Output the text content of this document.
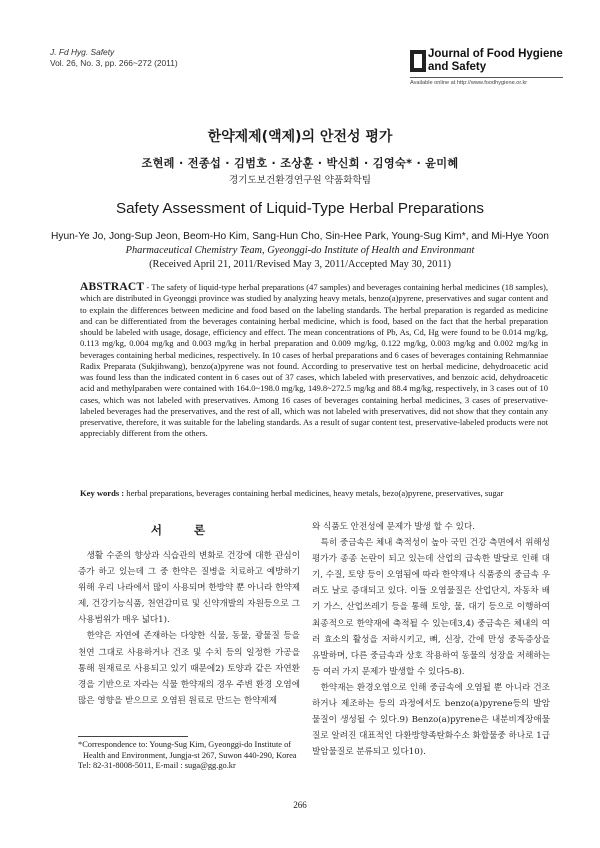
J. Fd Hyg. Safety
Vol. 26, No. 3, pp. 266~272 (2011)
Journal of Food Hygiene
and Safety
Available online at http://www.foodhygiene.or.kr
한약제제(액제)의 안전성 평가
조현례 · 전종섭 · 김범호 · 조상훈 · 박신희 · 김영숙* · 윤미혜
경기도보건환경연구원 약품화학팀
Safety Assessment of Liquid-Type Herbal Preparations
Hyun-Ye Jo, Jong-Sup Jeon, Beom-Ho Kim, Sang-Hun Cho, Sin-Hee Park, Young-Sug Kim*, and Mi-Hye Yoon
Pharmaceutical Chemistry Team, Gyeonggi-do Institute of Health and Environmant
(Received April 21, 2011/Revised May 3, 2011/Accepted May 30, 2011)
ABSTRACT - The safety of liquid-type herbal preparations (47 samples) and beverages containing herbal medicines (18 samples), which are distributed in Gyeonggi province was studied by analyzing heavy metals, benzo(a)pyrene, preservatives and sugar content and to explain the differences between medicine and food based on the labeling standards. The herbal preparation is regarded as medicine and can be differentiated from the beverages containing herbal medicine, which is food, based on the fact that the herbal preparation should be labeled with usage, dosage, efficiency and effect. The mean concentrations of Pb, As, Cd, Hg were found to be 0.014 mg/kg, 0.113 mg/kg, 0.004 mg/kg and 0.003 mg/kg in herbal preparation and 0.009 mg/kg, 0.122 mg/kg, 0.003 mg/kg and 0.002 mg/kg in beverages containing herbal medicines, respectively. In 10 cases of herbal preparations and 6 cases of beverages containing Rehmanniae Radix Preparata (Sukjihwang), benzo(a)pyrene was not found. According to preservative test on herbal medicine, dehydroacetic acid was found less than the indicated content in 6 cases out of 37 cases, which labeled with preservatives, and benzoic acid, dehydroacetic acid and methylparaben were contained with 164.0~198.0 mg/kg, 149.8~272.5 mg/kg and 88.4 mg/kg, respectively, in 3 cases out of 10 cases, which was not labeled with preservatives. Among 16 cases of beverages containing herbal medicines, 3 cases of preservative-labeled beverages had the preservatives, and the rest of all, which was not labeled with preservatives, did not show that they contain any preservative, therefore, it was suitable for the labeling standards. As a result of sugar content test, preservative-labeled products were not appreciably different from the others.
Key words : herbal preparations, beverages containing herbal medicines, heavy metals, bezo(a)pyrene, preservatives, sugar
서 론

생활 수준의 향상과 식습관의 변화로 건강에 대한 관심이 증가 하고 있는데 그 중 한약은 질병을 치료하고 예방하기 위해 우리 나라에서 많이 사용되며 한방약 뿐 아니라 한약제제, 건강기능식품, 천연감미료 및 신약개발의 자원등으로 그 사용범위가 매우 넓다1).

한약은 자연에 존재하는 다양한 식물, 동물, 광물질 등을 천연 그대로 사용하거나 건조 및 수치 등의 일정한 가공을 통해 원재료로 사용되고 있기 때문에2) 토양과 같은 자연환경을 기반으로 자라는 식물 한약재의 경우 주변 환경 오염에 많은 영향을 받으므로 오염된 원료로 만드는 한약제제

와 식품도 안전성에 문제가 발생 할 수 있다.

특히 중금속은 체내 축적성이 높아 국민 건강 측면에서 위해성 평가가 종종 논란이 되고 있는데 산업의 급속한 발달로 인해 대기, 수질, 토양 등이 오염됨에 따라 한약재나 식품중의 중금속 우려도 날로 증대되고 있다. 이들 오염물질은 산업단지, 자동차 배기 가스, 산업쓰레기 등을 통해 토양, 물, 대기 등으로 이행하여 최종적으로 한약재에 축적될 수 있는데3,4) 중금속은 체내의 여러 효소의 활성을 저하시키고, 뼈, 신장, 간에 만성 중독증상을 유발하며, 다른 중금속과 상호 작용하여 동물의 성장을 저해하는 등 여러 가지 문제가 발생할 수 있다5-8).

한약재는 환경오염으로 인해 중금속에 오염될 뿐 아니라 건조하거나 제조하는 등의 과정에서도 benzo(a)pyrene등의 발암물질이 생성될 수 있다.9) Benzo(a)pyrene은 내분비계장애물질로 알려진 대표적인 다환방향족탄화수소 화합물중 하나로 1급 발암물질로 분류되고 있다10).

*Correspondence to: Young-Sug Kim, Gyeonggi-do Institute of
Health and Environment, Jungja-st 267, Suwon 440-290, Korea
Tel: 82-31-8008-5011, E-mail : suga@gg.go.kr
266
